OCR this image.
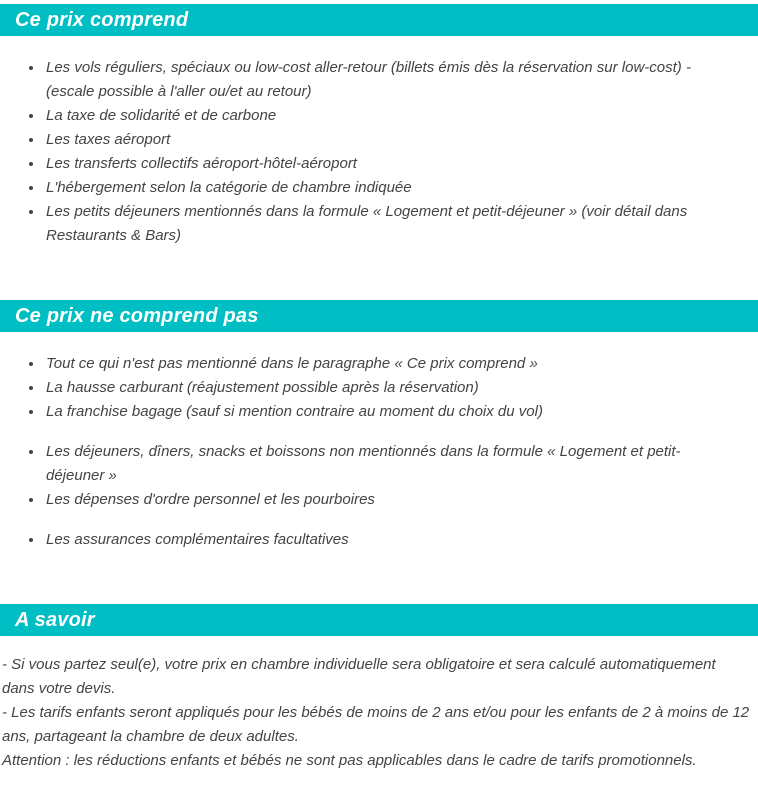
Ce prix comprend
• Les vols réguliers, spéciaux ou low-cost aller-retour (billets émis dès la réservation sur low-cost) - (escale possible à l'aller ou/et au retour)
• La taxe de solidarité et de carbone
• Les taxes aéroport
• Les transferts collectifs aéroport-hôtel-aéroport
• L'hébergement selon la catégorie de chambre indiquée
• Les petits déjeuners mentionnés dans la formule « Logement et petit-déjeuner » (voir détail dans Restaurants & Bars)
Ce prix ne comprend pas
• Tout ce qui n'est pas mentionné dans le paragraphe « Ce prix comprend »
• La hausse carburant (réajustement possible après la réservation)
• La franchise bagage (sauf si mention contraire au moment du choix du vol)
• Les déjeuners, dîners, snacks et boissons non mentionnés dans la formule « Logement et petit-déjeuner »
• Les dépenses d'ordre personnel et les pourboires
• Les assurances complémentaires facultatives
A savoir

- Si vous partez seul(e), votre prix en chambre individuelle sera obligatoire et sera calculé automatiquement dans votre devis.

- Les tarifs enfants seront appliqués pour les bébés de moins de 2 ans et/ou pour les enfants de 2 à moins de 12 ans, partageant la chambre de deux adultes.

Attention : les réductions enfants et bébés ne sont pas applicables dans le cadre de tarifs promotionnels.
